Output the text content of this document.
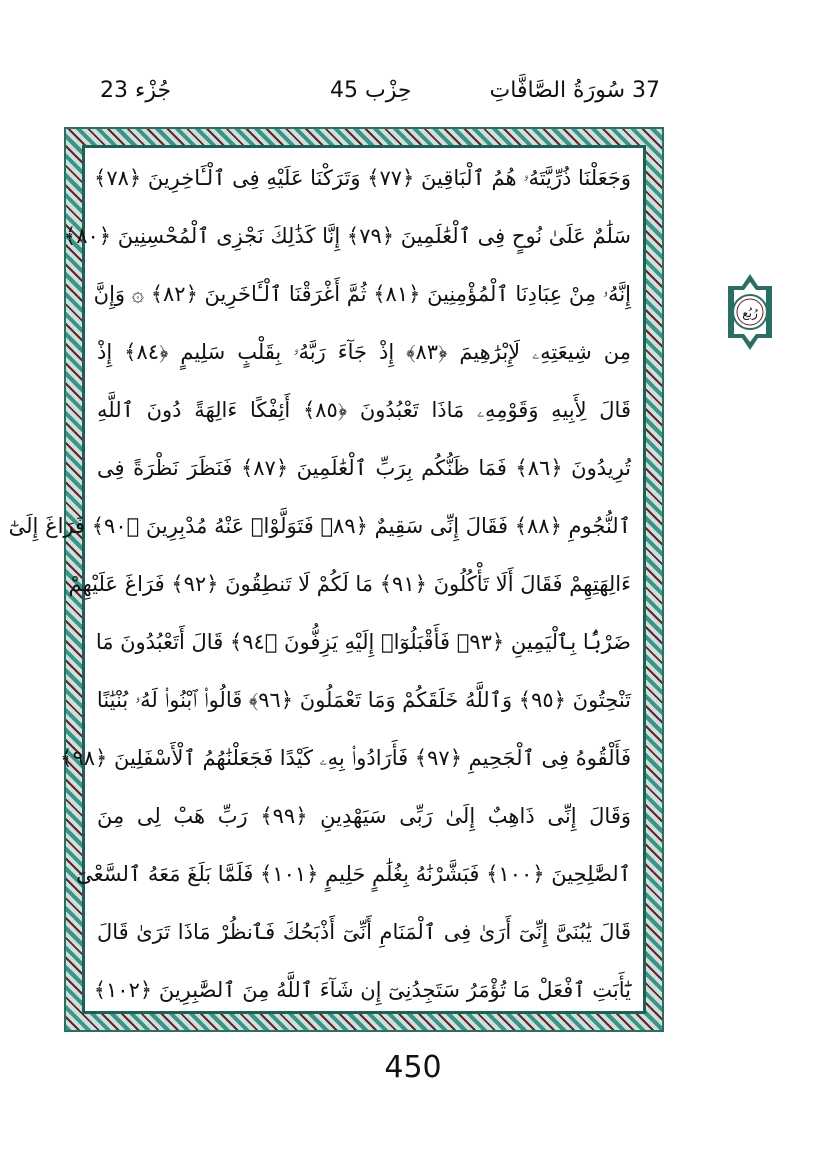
جُزْء 23	حِزْب 45	37 سُورَةُ الصَّافَّاتِ
وَجَعَلْنَا ذُرِّيَّتَهُۥ هُمُ ٱلْبَاقِينَ ﴿٧٧﴾ وَتَرَكْنَا عَلَيْهِ فِى ٱلْـَٔاخِرِينَ ﴿٧٨﴾
سَلَٰمٌ عَلَىٰ نُوحٍ فِى ٱلْعَٰلَمِينَ ﴿٧٩﴾ إِنَّا كَذَٰلِكَ نَجْزِى ٱلْمُحْسِنِينَ ﴿٨٠﴾
إِنَّهُۥ مِنْ عِبَادِنَا ٱلْمُؤْمِنِينَ ﴿٨١﴾ ثُمَّ أَغْرَقْنَا ٱلْـَٔاخَرِينَ ﴿٨٢﴾ ۞ وَإِنَّ
مِن شِيعَتِهِۦ لَإِبْرَٰهِيمَ ﴿٨٣﴾ إِذْ جَآءَ رَبَّهُۥ بِقَلْبٍ سَلِيمٍ ﴿٨٤﴾ إِذْ
قَالَ لِأَبِيهِ وَقَوْمِهِۦ مَاذَا تَعْبُدُونَ ﴿٨٥﴾ أَئِفْكًا ءَالِهَةً دُونَ ٱللَّهِ
تُرِيدُونَ ﴿٨٦﴾ فَمَا ظَنُّكُم بِرَبِّ ٱلْعَٰلَمِينَ ﴿٨٧﴾ فَنَظَرَ نَظْرَةً فِى
ٱلنُّجُومِ ﴿٨٨﴾ فَقَالَ إِنِّى سَقِيمٌ ﴿٨٩﴾ فَتَوَلَّوْا۟ عَنْهُ مُدْبِرِينَ ﴿٩٠﴾ فَرَاغَ إِلَىٰٓ
ءَالِهَتِهِمْ فَقَالَ أَلَا تَأْكُلُونَ ﴿٩١﴾ مَا لَكُمْ لَا تَنطِقُونَ ﴿٩٢﴾ فَرَاغَ عَلَيْهِمْ
ضَرْبًۢا بِٱلْيَمِينِ ﴿٩٣﴾ فَأَقْبَلُوٓا۟ إِلَيْهِ يَزِفُّونَ ﴿٩٤﴾ قَالَ أَتَعْبُدُونَ مَا
تَنْحِتُونَ ﴿٩٥﴾ وَٱللَّهُ خَلَقَكُمْ وَمَا تَعْمَلُونَ ﴿٩٦﴾ قَالُوا۟ ٱبْنُوا۟ لَهُۥ بُنْيَٰنًا
فَأَلْقُوهُ فِى ٱلْجَحِيمِ ﴿٩٧﴾ فَأَرَادُوا۟ بِهِۦ كَيْدًا فَجَعَلْنَٰهُمُ ٱلْأَسْفَلِينَ ﴿٩٨﴾
وَقَالَ إِنِّى ذَاهِبٌ إِلَىٰ رَبِّى سَيَهْدِينِ ﴿٩٩﴾ رَبِّ هَبْ لِى مِنَ
ٱلصَّٰلِحِينَ ﴿١٠٠﴾ فَبَشَّرْنَٰهُ بِغُلَٰمٍ حَلِيمٍ ﴿١٠١﴾ فَلَمَّا بَلَغَ مَعَهُ ٱلسَّعْىَ
قَالَ يَٰبُنَىَّ إِنِّىٓ أَرَىٰ فِى ٱلْمَنَامِ أَنِّىٓ أَذْبَحُكَ فَٱنظُرْ مَاذَا تَرَىٰ قَالَ
يَٰٓأَبَتِ ٱفْعَلْ مَا تُؤْمَرُ سَتَجِدُنِىٓ إِن شَآءَ ٱللَّهُ مِنَ ٱلصَّٰبِرِينَ ﴿١٠٢﴾
رُبُع
450
